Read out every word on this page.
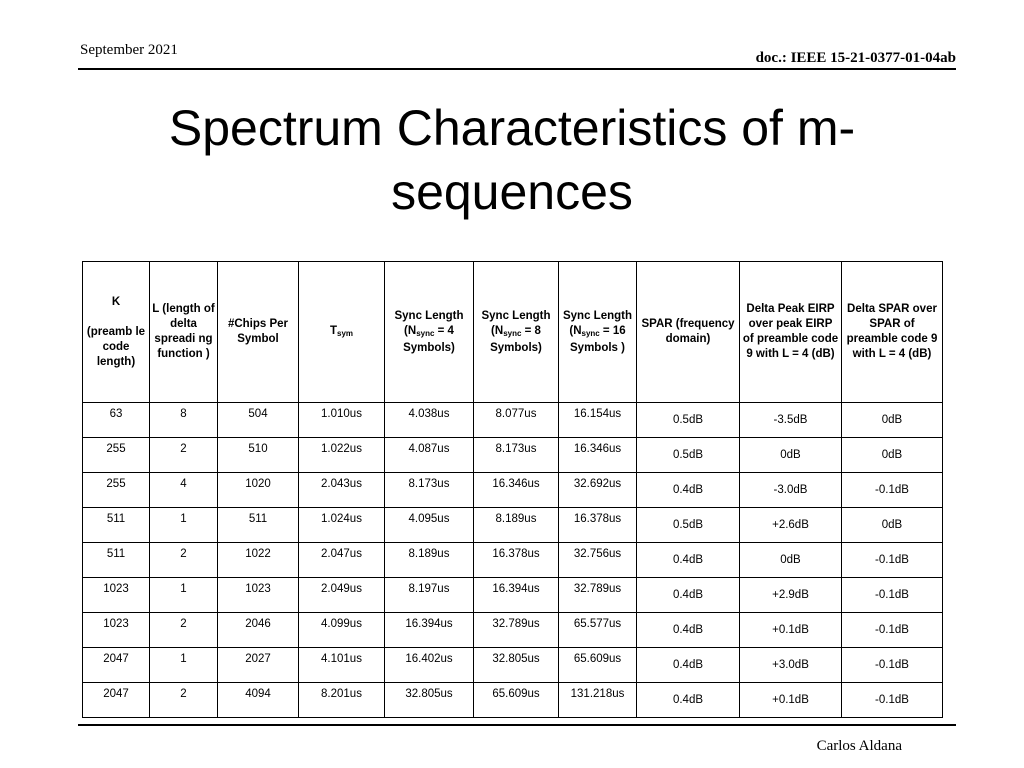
September 2021	doc.: IEEE 15-21-0377-01-04ab
Spectrum Characteristics of m-
sequences
K

(preamb le code length)	L (length of delta spreadi ng function )	#Chips Per Symbol	$T_{sym}$	Sync Length ($N_{sync} = 4$ Symbols)	Sync Length ($N_{sync} = 8$ Symbols)	Sync Length ($N_{sync} = 16$ Symbols )	SPAR (frequency domain)	Delta Peak EIRP over peak EIRP of preamble code 9 with L = 4 (dB)	Delta SPAR over SPAR of preamble code 9 with L = 4 (dB)
63	8	504	1.010us	4.038us	8.077us	16.154us	0.5dB	-3.5dB	0dB
255	2	510	1.022us	4.087us	8.173us	16.346us	0.5dB	0dB	0dB
255	4	1020	2.043us	8.173us	16.346us	32.692us	0.4dB	-3.0dB	-0.1dB
511	1	511	1.024us	4.095us	8.189us	16.378us	0.5dB	+2.6dB	0dB
511	2	1022	2.047us	8.189us	16.378us	32.756us	0.4dB	0dB	-0.1dB
1023	1	1023	2.049us	8.197us	16.394us	32.789us	0.4dB	+2.9dB	-0.1dB
1023	2	2046	4.099us	16.394us	32.789us	65.577us	0.4dB	+0.1dB	-0.1dB
2047	1	2027	4.101us	16.402us	32.805us	65.609us	0.4dB	+3.0dB	-0.1dB
2047	2	4094	8.201us	32.805us	65.609us	131.218us	0.4dB	+0.1dB	-0.1dB
Carlos Aldana
